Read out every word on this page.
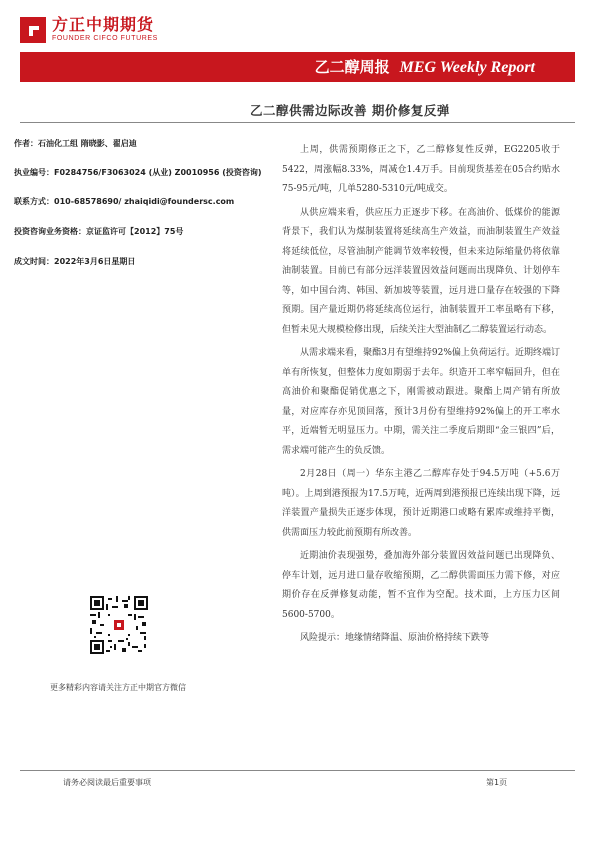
方正中期期货
FOUNDER CIFCO FUTURES
乙二醇周报 MEG Weekly Report
乙二醇供需边际改善 期价修复反弹
作者：石油化工组 隋晓影、翟启迪
执业编号：F0284756/F3063024 (从业) Z0010956 (投资咨询)
联系方式：010-68578690/ zhaiqidi@foundersc.com
投资咨询业务资格：京证监许可【2012】75号
成文时间：2022年3月6日星期日
更多精彩内容请关注方正中期官方微信

上周，供需预期修正之下，乙二醇修复性反弹，EG2205收于5422，周涨幅8.33%，周减仓1.4万手。目前现货基差在05合约贴水75-95元/吨，几单5280-5310元/吨成交。

从供应端来看，供应压力正逐步下移。在高油价、低煤价的能源背景下，我们认为煤制装置将延续高生产效益，而油制装置生产效益将延续低位，尽管油制产能调节效率较慢，但未来边际缩量仍将依靠油制装置。目前已有部分远洋装置因效益问题而出现降负、计划停车等，如中国台湾、韩国、新加坡等装置，远月进口量存在较强的下降预期。国产量近期仍将延续高位运行，油制装置开工率虽略有下移，但暂未见大规模检修出现，后续关注大型油制乙二醇装置运行动态。

从需求端来看，聚酯3月有望维持92%偏上负荷运行。近期终端订单有所恢复，但整体力度如期弱于去年。织造开工率窄幅回升，但在高油价和聚酯促销优惠之下，刚需被动跟进。聚酯上周产销有所放量，对应库存亦见顶回落，预计3月份有望维持92%偏上的开工率水平，近端暂无明显压力。中期，需关注二季度后期即“金三银四”后，需求端可能产生的负反馈。

2月28日（周一）华东主港乙二醇库存处于94.5万吨（+5.6万吨）。上周到港预报为17.5万吨，近两周到港预报已连续出现下降，远洋装置产量损失正逐步体现，预计近期港口或略有累库或维持平衡，供需面压力较此前预期有所改善。

近期油价表现强势，叠加海外部分装置因效益问题已出现降负、停车计划，远月进口量存收缩预期，乙二醇供需面压力需下修，对应期价存在反弹修复动能，暂不宜作为空配。技术面，上方压力区间5600-5700。

风险提示：地缘情绪降温、原油价格持续下跌等

请务必阅读最后重要事项	第1页
